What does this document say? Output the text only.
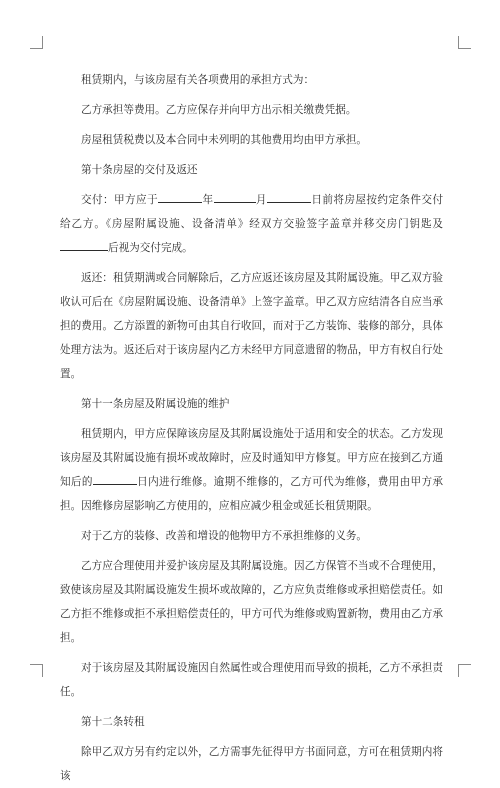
租赁期内，与该房屋有关各项费用的承担方式为：

乙方承担等费用。乙方应保存并向甲方出示相关缴费凭据。

房屋租赁税费以及本合同中未列明的其他费用均由甲方承担。

第十条房屋的交付及返还

交付：甲方应于	年	月	日前将房屋按约定条件交付给乙方。《房屋附属设施、设备清单》经双方交验签字盖章并移交房门钥匙及后视为交付完成。

返还：租赁期满或合同解除后，乙方应返还该房屋及其附属设施。甲乙双方验收认可后在《房屋附属设施、设备清单》上签字盖章。甲乙双方应结清各自应当承担的费用。乙方添置的新物可由其自行收回，而对于乙方装饰、装修的部分，具体处理方法为。返还后对于该房屋内乙方未经甲方同意遗留的物品，甲方有权自行处置。

第十一条房屋及附属设施的维护

租赁期内，甲方应保障该房屋及其附属设施处于适用和安全的状态。乙方发现该房屋及其附属设施有损坏或故障时，应及时通知甲方修复。甲方应在接到乙方通知后的	日内进行维修。逾期不维修的，乙方可代为维修，费用由甲方承担。因维修房屋影响乙方使用的，应相应减少租金或延长租赁期限。

对于乙方的装修、改善和增设的他物甲方不承担维修的义务。

乙方应合理使用并爱护该房屋及其附属设施。因乙方保管不当或不合理使用，致使该房屋及其附属设施发生损坏或故障的，乙方应负责维修或承担赔偿责任。如乙方拒不维修或拒不承担赔偿责任的，甲方可代为维修或购置新物，费用由乙方承担。

对于该房屋及其附属设施因自然属性或合理使用而导致的损耗，乙方不承担责任。

第十二条转租

除甲乙双方另有约定以外，乙方需事先征得甲方书面同意，方可在租赁期内将该
